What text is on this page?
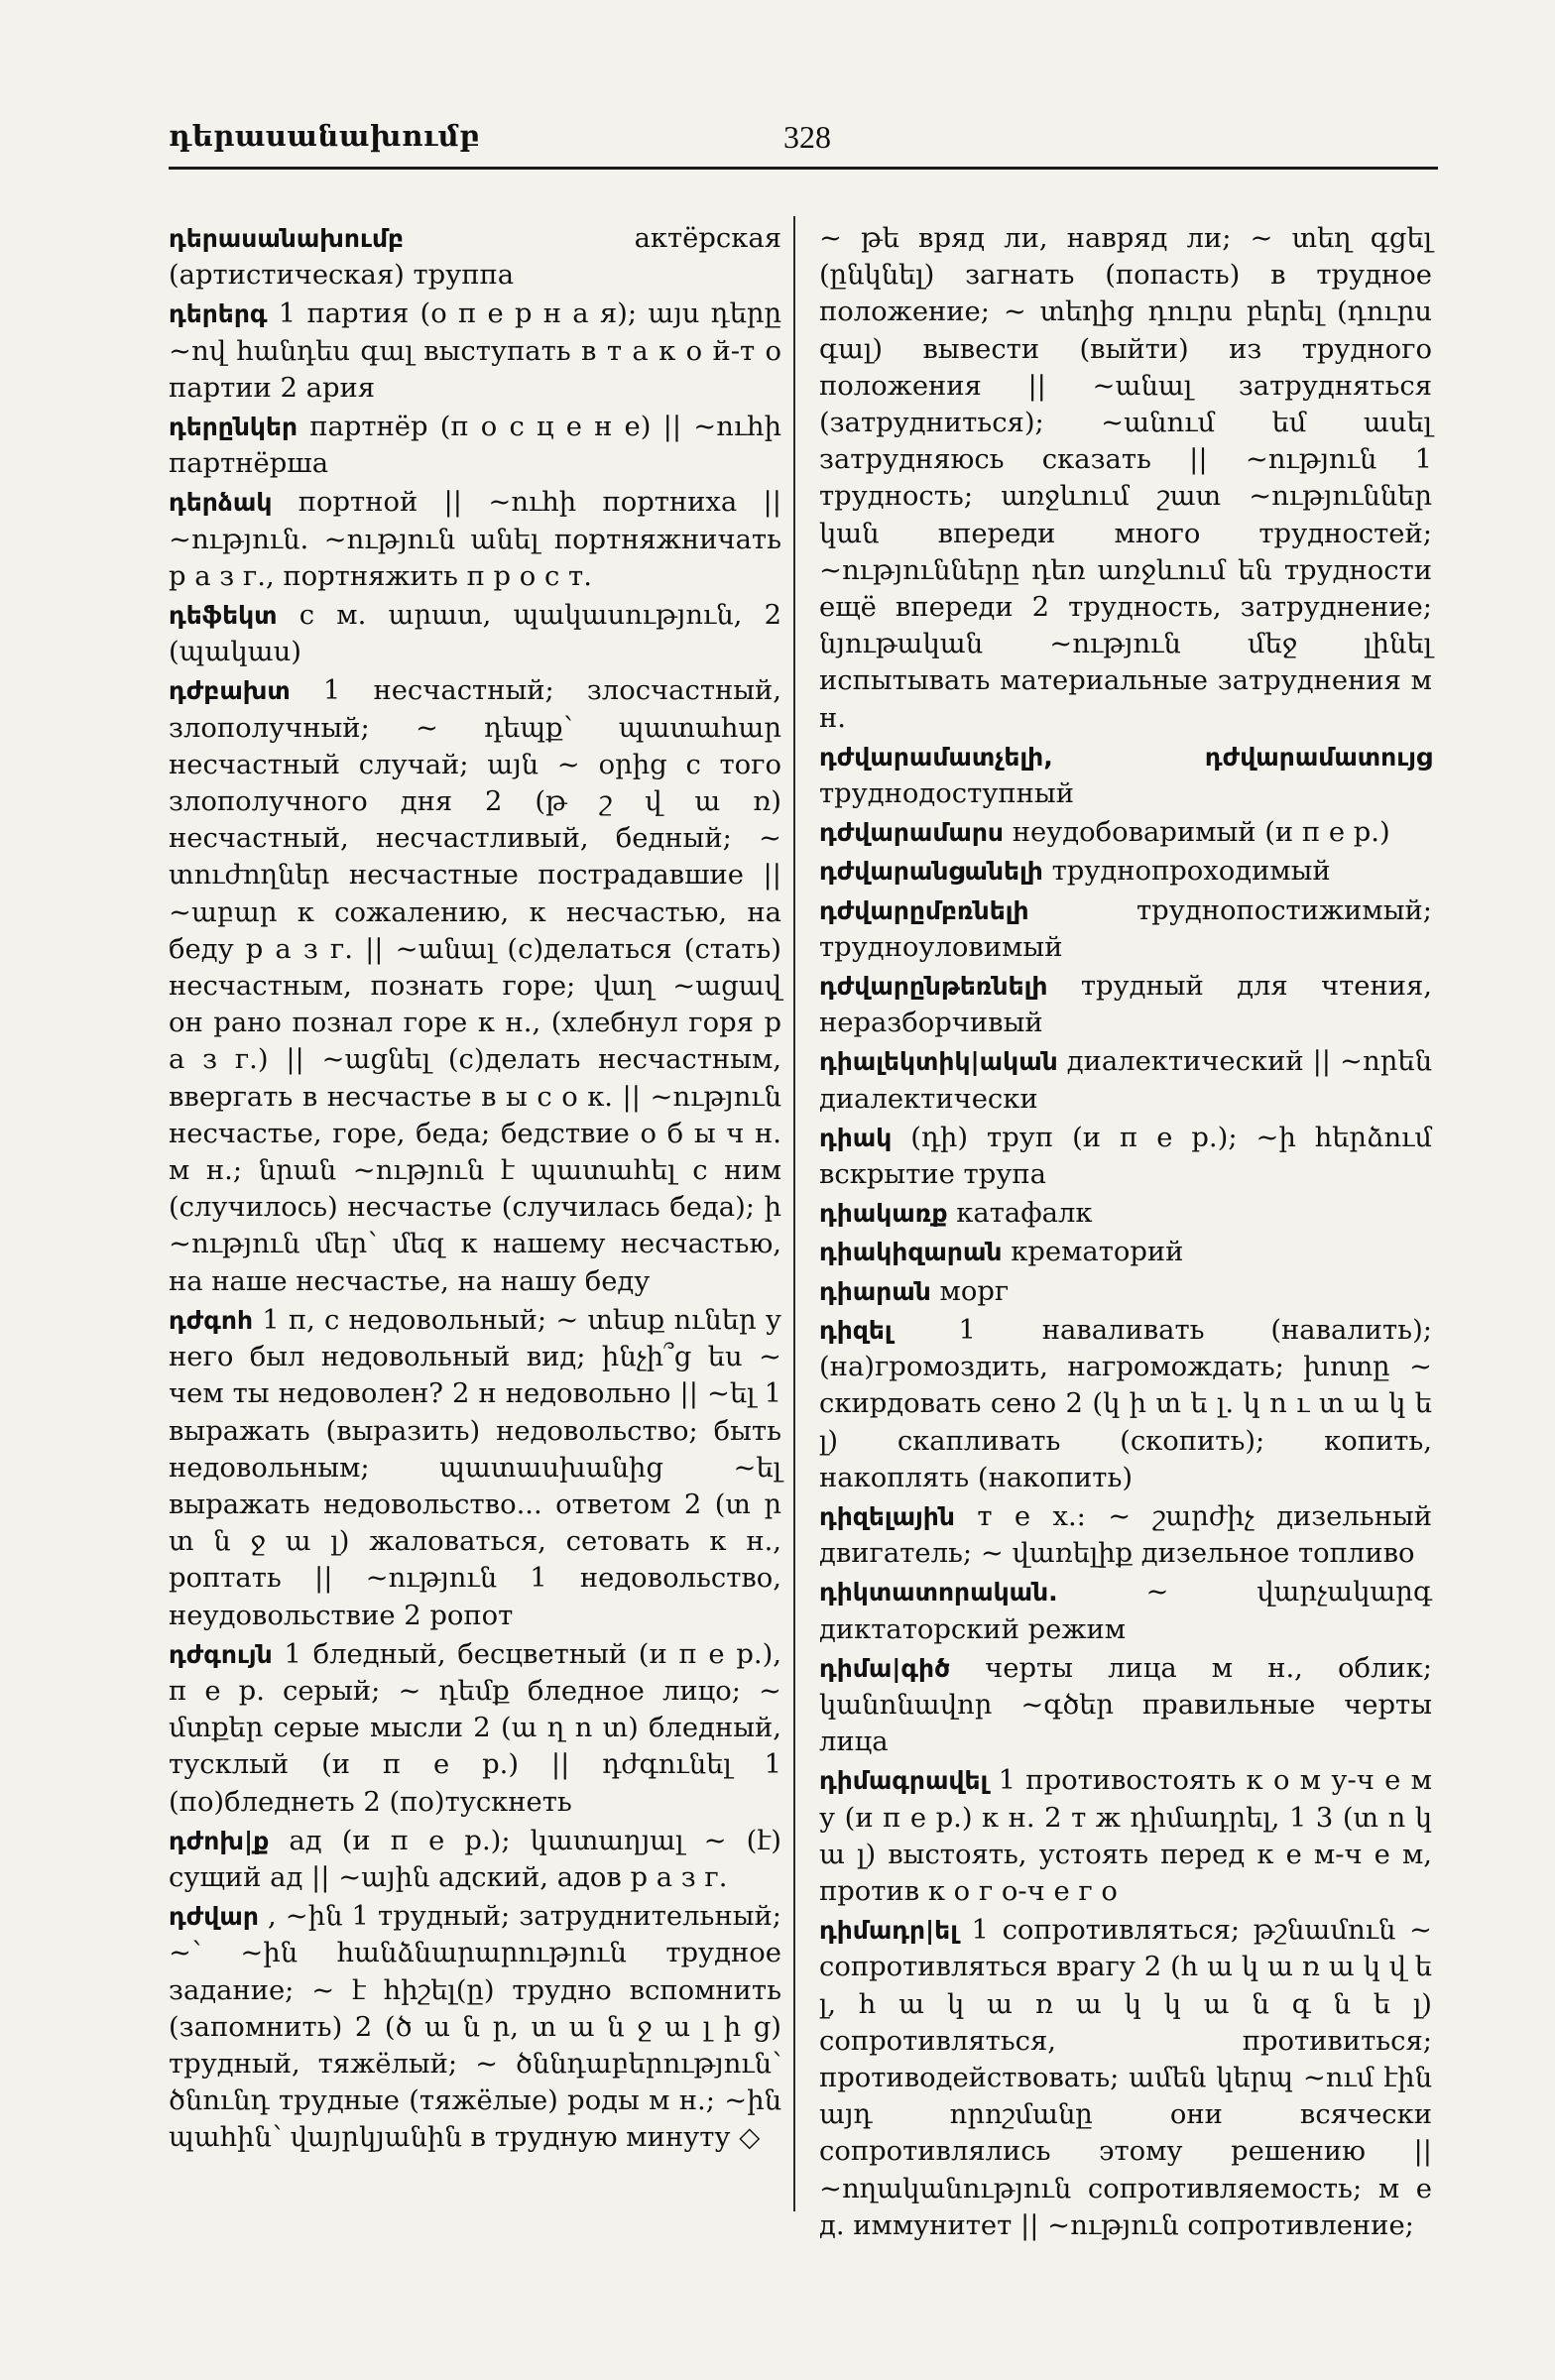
դերասանախումբ	328

դերասանախումբ	актёрская (артистическая) труппа

դերերգ 1 партия (о п е р н а я); այս դերը ~ով հանդես գալ выступать в т а к о й-т о партии 2 ария

դերընկեր партнёр (п о с ц е н е) || ~ուհի партнёрша

դերձակ портной || ~ուհի портниха || ~ություն. ~ություն անել портняжничать р а з г., портняжить п р о с т.

դեֆեկտ с м. արատ, պակասություն, 2 (պակաս)

դժբախտ 1 несчастный; злосчастный, злополучный; ~ դեպք՝ պատահար несчастный случай; այն ~ օրից с того злополучного дня 2 (թ շ վ ա ռ) несчастный, несчастливый, бедный; ~ տուժողներ несчастные пострадавшие || ~աբար к сожалению, к несчастью, на беду р а з г. || ~անալ (с)делаться (стать) несчастным, познать горе; վաղ ~ացավ он рано познал горе к н., (хлебнул горя р а з г.) || ~ացնել (с)делать несчастным, ввергать в несчастье в ы с о к. || ~ություն несчастье, горе, беда; бедствие о б ы ч н. м н.; նրան ~ություն է պատահել с ним (случилось) несчастье (случилась беда); ի ~ություն մեր՝ մեզ к нашему несчастью, на наше несчастье, на нашу беду

դժգոհ 1 п, с недовольный; ~ տեսք ուներ у него был недовольный вид; ինչի՞ց ես ~ чем ты недоволен? 2 н недовольно || ~ել 1 выражать (выразить) недовольство; быть недовольным; պատասխանից ~ել выражать недовольство... ответом 2 (տ ր տ ն ջ ա լ) жаловаться, сетовать к н., роптать || ~ություն 1 недовольство, неудовольствие 2 ропот

դժգույն 1 бледный, бесцветный (и п е р.), п е р. серый; ~ դեմք бледное лицо; ~ մտքեր серые мысли 2 (ա ղ ո տ) бледный, тусклый (и п е р.) || դժգունել 1 (по)бледнеть 2 (по)тускнеть

դժոխ|ք ад (и п е р.); կատաղյալ ~ (է) сущий ад || ~ային адский, адов р а з г.

դժվար , ~ին 1 трудный; затруднительный; ~՝ ~ին հանձնարարություն трудное задание; ~ է հիշել(ը) трудно вспомнить (запомнить) 2 (ծ ա ն ր, տ ա ն ջ ա լ ի ց) трудный, тяжёлый; ~ ծննդաբերություն՝ ծնունդ трудные (тяжёлые) роды м н.; ~ին պահին՝ վայրկյանին в трудную минуту ◇

~ թե вряд ли, навряд ли; ~ տեղ գցել (ընկնել) загнать (попасть) в трудное положение; ~ տեղից դուրս բերել (դուրս գալ) вывести (выйти) из трудного положения || ~անալ затрудняться (затрудниться); ~անում եմ ասել затрудняюсь сказать || ~ություն 1 трудность; առջևում շատ ~ություններ կան впереди много трудностей; ~ությունները դեռ առջևում են трудности ещё впереди 2 трудность, затруднение; նյութական ~ություն մեջ լինել испытывать материальные затруднения м н.

դժվարամատչելի, դժվարամատույց труднодоступный

դժվարամարս неудобоваримый (и п е р.)

դժվարանցանելի труднопроходимый

դժվարըմբռնելի	труднопостижимый; трудноуловимый

դժվարընթեռնելի трудный для чтения, неразборчивый

դիալեկտիկ|ական диалектический || ~որեն диалектически

դիակ (դի) труп (и п е р.); ~ի հերձում вскрытие трупа

դիակառք катафалк

դիակիզարան крематорий

դիարան морг

դիզել 1 наваливать (навалить); (на)громоздить, нагромождать; խոտը ~ скирдовать сено 2 (կ ի տ ե լ. կ ո ւ տ ա կ ե լ) скапливать (скопить); копить, накоплять (накопить)

դիզելային т е х.: ~ շարժիչ дизельный двигатель; ~ վառելիք дизельное топливо

դիկտատորական.	~ վարչակարգ диктаторский режим

դիմա|գիծ черты лица м н., облик; կանոնավոր ~գծեր правильные черты лица

դիմագրավել 1 противостоять к о м у-ч е м у (и п е р.) к н. 2 т ж դիմադրել, 1 3 (տ ո կ ա լ) выстоять, устоять перед к е м-ч е м, против к о г о-ч е г о

դիմադր|ել 1 сопротивляться; թշնամուն ~ сопротивляться врагу 2 (հ ա կ ա ռ ա կ վ ե լ, հ ա կ ա ռ ա կ կ ա ն գ ն ե լ) сопротивляться, противиться; противодействовать; ամեն կերպ ~ում էին այդ որոշմանը они всячески сопротивлялись этому решению || ~ողականություն сопротивляемость; м е д. иммунитет || ~ություն сопротивление;
